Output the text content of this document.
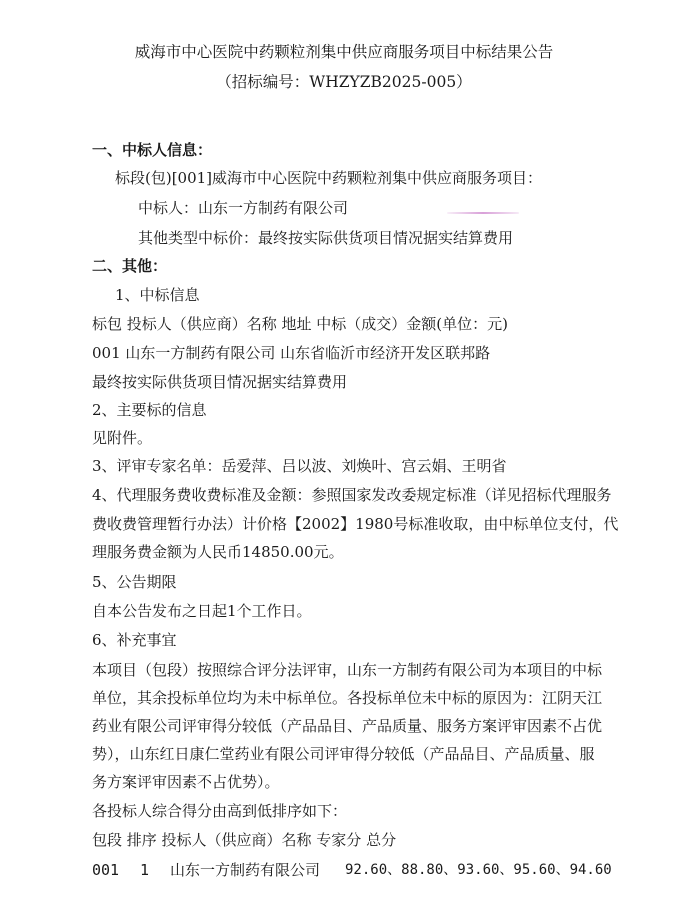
威海市中心医院中药颗粒剂集中供应商服务项目中标结果公告
（招标编号：WHZYZB2025-005）
一、中标人信息：
标段(包)[001]威海市中心医院中药颗粒剂集中供应商服务项目：
中标人：山东一方制药有限公司
其他类型中标价：最终按实际供货项目情况据实结算费用
二、其他：
1、中标信息
标包 投标人（供应商）名称 地址 中标（成交）金额(单位：元)
001 山东一方制药有限公司 山东省临沂市经济开发区联邦路
最终按实际供货项目情况据实结算费用
2、主要标的信息
见附件。
3、评审专家名单：岳爱萍、吕以波、刘焕叶、宫云娟、王明省
4、代理服务费收费标准及金额：参照国家发改委规定标准（详见招标代理服务
费收费管理暂行办法）计价格【2002】1980号标准收取，由中标单位支付，代
理服务费金额为人民币14850.00元。
5、公告期限
自本公告发布之日起1个工作日。
6、补充事宜
本项目（包段）按照综合评分法评审，山东一方制药有限公司为本项目的中标
单位，其余投标单位均为未中标单位。各投标单位未中标的原因为：江阴天江
药业有限公司评审得分较低（产品品目、产品质量、服务方案评审因素不占优
势），山东红日康仁堂药业有限公司评审得分较低（产品品目、产品质量、服
务方案评审因素不占优势）。
各投标人综合得分由高到低排序如下：
包段 排序 投标人（供应商）名称 专家分 总分
001 1 山东一方制药有限公司 92.60、88.80、93.60、95.60、94.60
